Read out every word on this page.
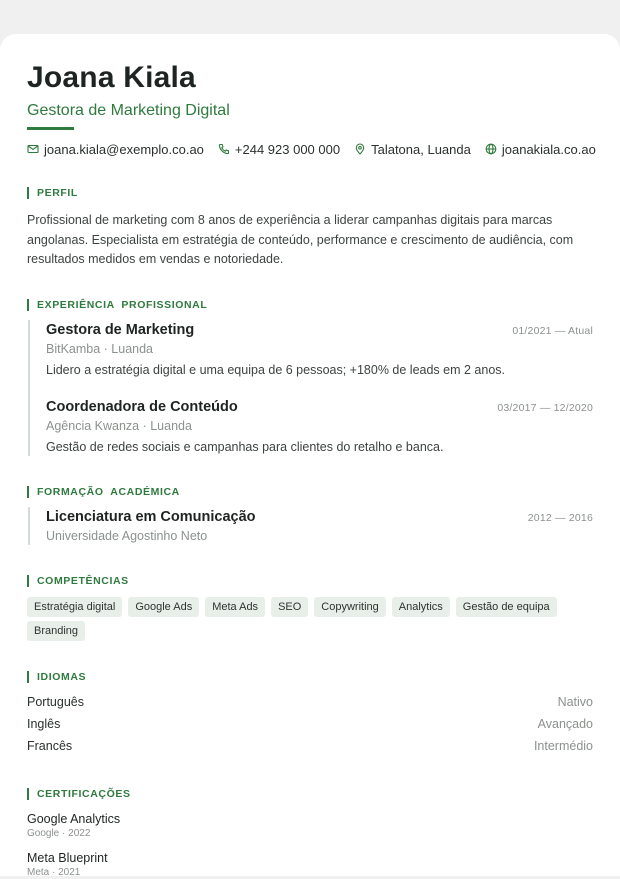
Joana Kiala
Gestora de Marketing Digital
joana.kiala@exemplo.co.ao +244 923 000 000 Talatona, Luanda joanakiala.co.ao
PERFIL
Profissional de marketing com 8 anos de experiência a liderar campanhas digitais para marcas angolanas. Especialista em estratégia de conteúdo, performance e crescimento de audiência, com resultados medidos em vendas e notoriedade.
EXPERIÊNCIA  PROFISSIONAL
Gestora de Marketing	01/2021 — Atual
BitKamba · Luanda
Lidero a estratégia digital e uma equipa de 6 pessoas; +180% de leads em 2 anos.
Coordenadora de Conteúdo	03/2017 — 12/2020
Agência Kwanza · Luanda
Gestão de redes sociais e campanhas para clientes do retalho e banca.
FORMAÇÃO  ACADÉMICA
Licenciatura em Comunicação	2012 — 2016
Universidade Agostinho Neto
COMPETÊNCIAS
Estratégia digital	Google Ads	Meta Ads	SEO	Copywriting	Analytics	Gestão de equipa
Branding
IDIOMAS
Português	Nativo
Inglês	Avançado
Francês	Intermédio
CERTIFICAÇÕES
Google Analytics
Google · 2022
Meta Blueprint
Meta · 2021
